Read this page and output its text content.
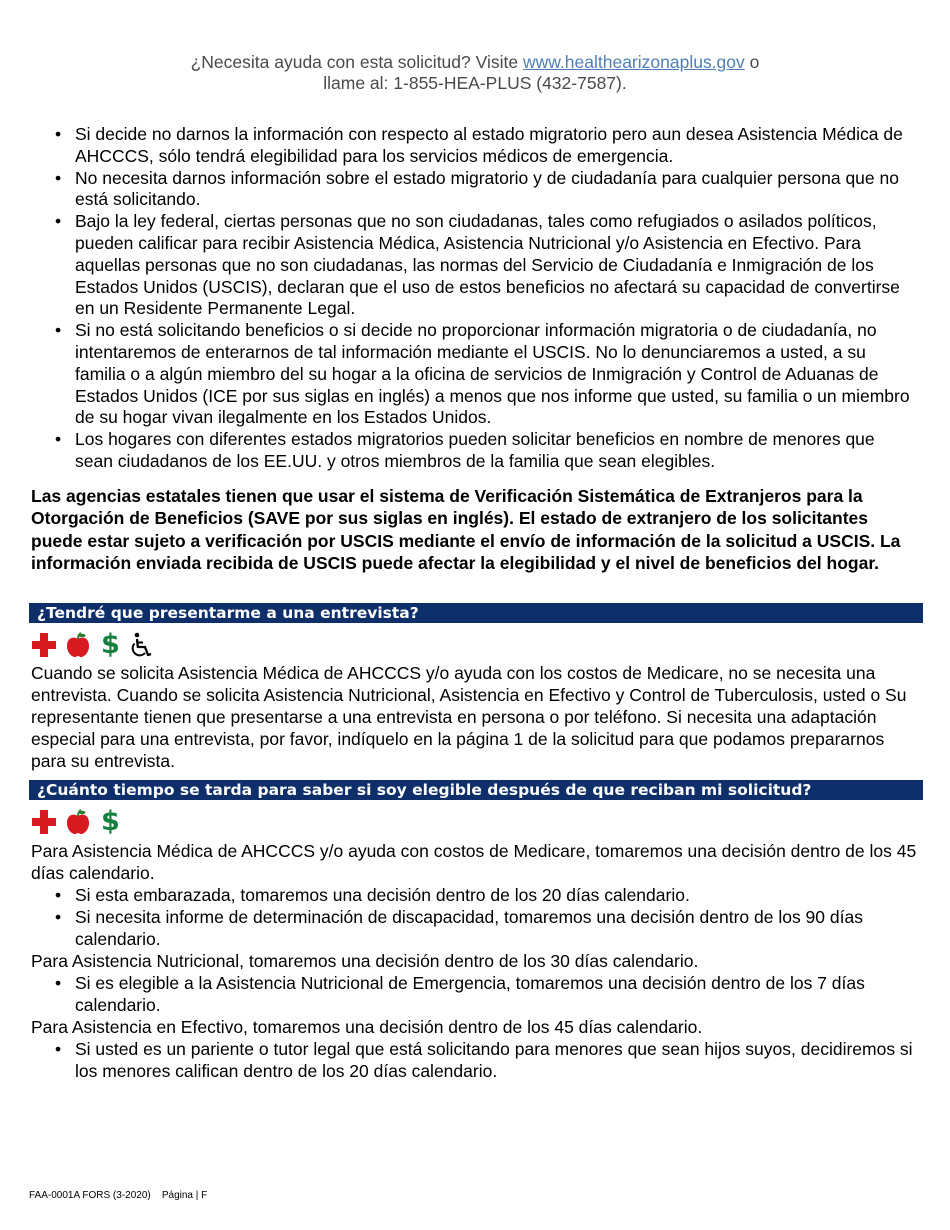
¿Necesita ayuda con esta solicitud? Visite www.healthearizonaplus.gov o
llame al: 1-855-HEA-PLUS (432-7587).
• Si decide no darnos la información con respecto al estado migratorio pero aun desea Asistencia Médica de AHCCCS, sólo tendrá elegibilidad para los servicios médicos de emergencia.
• No necesita darnos información sobre el estado migratorio y de ciudadanía para cualquier persona que no está solicitando.
• Bajo la ley federal, ciertas personas que no son ciudadanas, tales como refugiados o asilados políticos, pueden calificar para recibir Asistencia Médica, Asistencia Nutricional y/o Asistencia en Efectivo. Para aquellas personas que no son ciudadanas, las normas del Servicio de Ciudadanía e Inmigración de los Estados Unidos (USCIS), declaran que el uso de estos beneficios no afectará su capacidad de convertirse en un Residente Permanente Legal.
• Si no está solicitando beneficios o si decide no proporcionar información migratoria o de ciudadanía, no intentaremos de enterarnos de tal información mediante el USCIS. No lo denunciaremos a usted, a su familia o a algún miembro del su hogar a la oficina de servicios de Inmigración y Control de Aduanas de Estados Unidos (ICE por sus siglas en inglés) a menos que nos informe que usted, su familia o un miembro de su hogar vivan ilegalmente en los Estados Unidos.
• Los hogares con diferentes estados migratorios pueden solicitar beneficios en nombre de menores que sean ciudadanos de los EE.UU. y otros miembros de la familia que sean elegibles.

Las agencias estatales tienen que usar el sistema de Verificación Sistemática de Extranjeros para la Otorgación de Beneficios (SAVE por sus siglas en inglés). El estado de extranjero de los solicitantes puede estar sujeto a verificación por USCIS mediante el envío de información de la solicitud a USCIS. La información enviada recibida de USCIS puede afectar la elegibilidad y el nivel de beneficios del hogar.

¿Tendré que presentarme a una entrevista?
$

Cuando se solicita Asistencia Médica de AHCCCS y/o ayuda con los costos de Medicare, no se necesita una entrevista. Cuando se solicita Asistencia Nutricional, Asistencia en Efectivo y Control de Tuberculosis, usted o Su representante tienen que presentarse a una entrevista en persona o por teléfono. Si necesita una adaptación especial para una entrevista, por favor, indíquelo en la página 1 de la solicitud para que podamos prepararnos para su entrevista.

¿Cuánto tiempo se tarda para saber si soy elegible después de que reciban mi solicitud?
$

Para Asistencia Médica de AHCCCS y/o ayuda con costos de Medicare, tomaremos una decisión dentro de los 45 días calendario.

• Si esta embarazada, tomaremos una decisión dentro de los 20 días calendario.
• Si necesita informe de determinación de discapacidad, tomaremos una decisión dentro de los 90 días calendario.

Para Asistencia Nutricional, tomaremos una decisión dentro de los 30 días calendario.

• Si es elegible a la Asistencia Nutricional de Emergencia, tomaremos una decisión dentro de los 7 días calendario.

Para Asistencia en Efectivo, tomaremos una decisión dentro de los 45 días calendario.

• Si usted es un pariente o tutor legal que está solicitando para menores que sean hijos suyos, decidiremos si los menores califican dentro de los 20 días calendario.
FAA-0001A FORS (3-2020) Página | F
